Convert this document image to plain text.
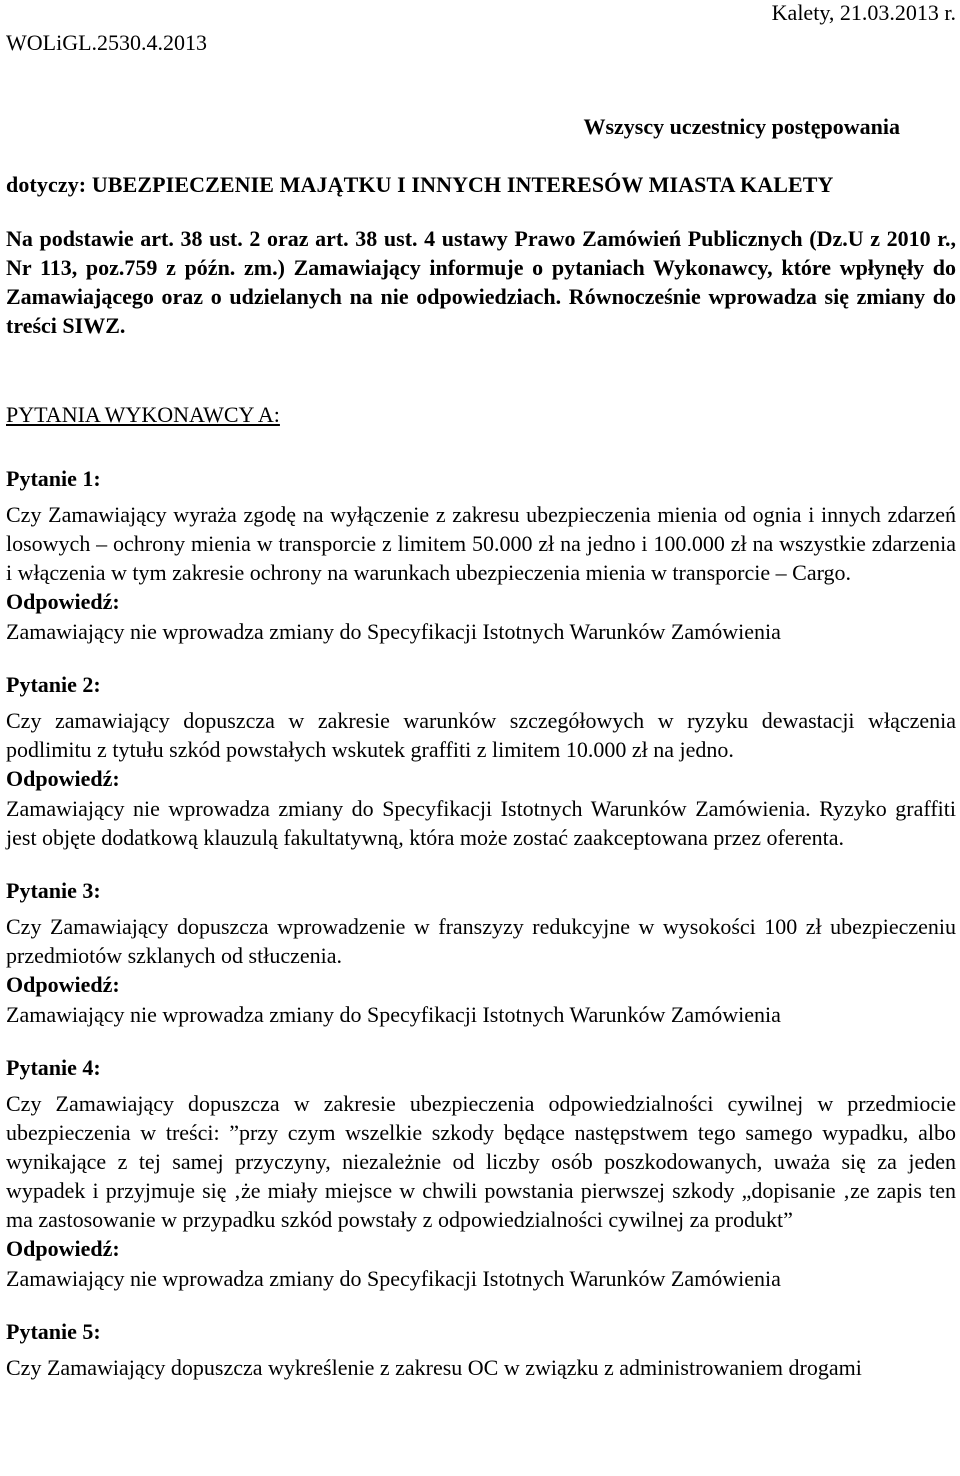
WOLiGL.2530.4.2013
Kalety, 21.03.2013 r.
Wszyscy uczestnicy postępowania
dotyczy: UBEZPIECZENIE MAJĄTKU I INNYCH INTERESÓW MIASTA KALETY
Na podstawie art. 38 ust. 2 oraz art. 38 ust. 4 ustawy Prawo Zamówień Publicznych (Dz.U z 2010 r., Nr 113, poz.759 z późn. zm.) Zamawiający informuje o pytaniach Wykonawcy, które wpłynęły do Zamawiającego oraz o udzielanych na nie odpowiedziach. Równocześnie wprowadza się zmiany do treści SIWZ.
PYTANIA WYKONAWCY A:
Pytanie 1:
Czy Zamawiający wyraża zgodę na wyłączenie z zakresu ubezpieczenia mienia od ognia i innych zdarzeń losowych – ochrony mienia w transporcie z limitem 50.000 zł na jedno i 100.000 zł na wszystkie zdarzenia i włączenia w tym zakresie ochrony na warunkach ubezpieczenia mienia w transporcie – Cargo.
Odpowiedź:
Zamawiający nie wprowadza zmiany do Specyfikacji Istotnych Warunków Zamówienia
Pytanie 2:
Czy zamawiający dopuszcza w zakresie warunków szczegółowych w ryzyku dewastacji włączenia podlimitu z tytułu szkód powstałych wskutek graffiti z limitem 10.000 zł na jedno.
Odpowiedź:
Zamawiający nie wprowadza zmiany do Specyfikacji Istotnych Warunków Zamówienia. Ryzyko graffiti jest objęte dodatkową klauzulą fakultatywną, która może zostać zaakceptowana przez oferenta.
Pytanie 3:
Czy Zamawiający dopuszcza wprowadzenie w franszyzy redukcyjne w wysokości 100 zł ubezpieczeniu przedmiotów szklanych od stłuczenia.
Odpowiedź:
Zamawiający nie wprowadza zmiany do Specyfikacji Istotnych Warunków Zamówienia
Pytanie 4:
Czy Zamawiający dopuszcza w zakresie ubezpieczenia odpowiedzialności cywilnej w przedmiocie ubezpieczenia w treści: ”przy czym wszelkie szkody będące następstwem tego samego wypadku, albo wynikające z tej samej przyczyny, niezależnie od liczby osób poszkodowanych, uważa się za jeden wypadek i przyjmuje się ‚że miały miejsce w chwili powstania pierwszej szkody „dopisanie ‚ze zapis ten ma zastosowanie w przypadku szkód powstały z odpowiedzialności cywilnej za produkt”
Odpowiedź:
Zamawiający nie wprowadza zmiany do Specyfikacji Istotnych Warunków Zamówienia
Pytanie 5:
Czy Zamawiający dopuszcza wykreślenie z zakresu OC w związku z administrowaniem drogami
